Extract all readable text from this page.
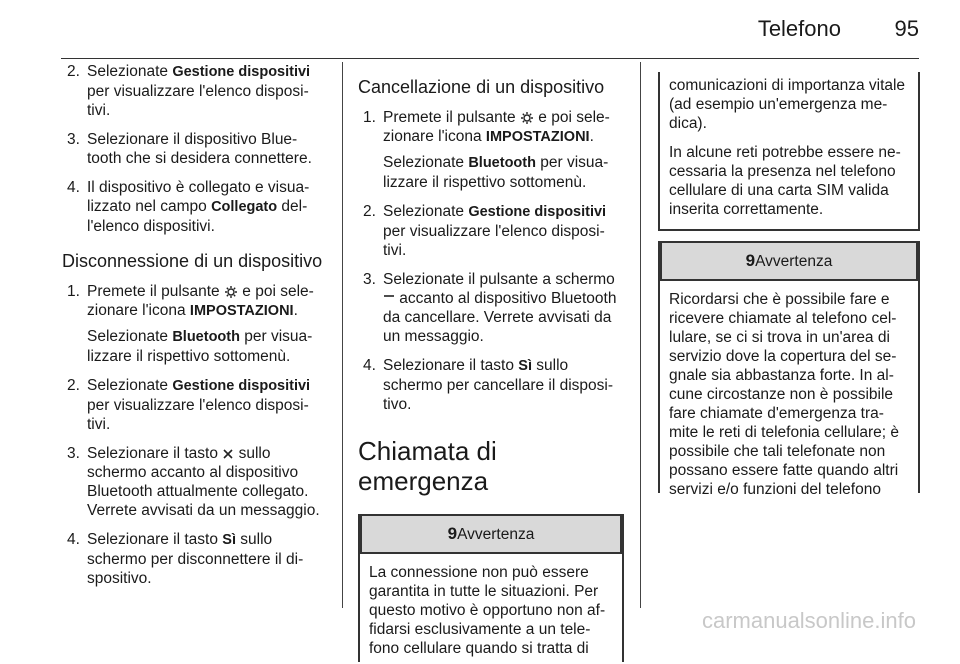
Telefono 95
2. Selezionate Gestione dispositivi per visualizzare l'elenco disposi- tivi.
3. Selezionare il dispositivo Blue- tooth che si desidera connettere.
4. Il dispositivo è collegato e visua- lizzato nel campo Collegato del- l'elenco dispositivi.
Disconnessione di un dispositivo
1. Premete il pulsante  e poi sele- zionare l'icona IMPOSTAZIONI.
Selezionate Bluetooth per visua- lizzare il rispettivo sottomenù.
2. Selezionate Gestione dispositivi per visualizzare l'elenco disposi- tivi.
3. Selezionare il tasto  sullo schermo accanto al dispositivo Bluetooth attualmente collegato. Verrete avvisati da un messaggio.
4. Selezionare il tasto Sì sullo schermo per disconnettere il di- spositivo.
Cancellazione di un dispositivo
1. Premete il pulsante  e poi sele- zionare l'icona IMPOSTAZIONI.
Selezionate Bluetooth per visua- lizzare il rispettivo sottomenù.
2. Selezionate Gestione dispositivi per visualizzare l'elenco disposi- tivi.
3. Selezionate il pulsante a schermo  accanto al dispositivo Bluetooth da cancellare. Verrete avvisati da un messaggio.
4. Selezionare il tasto Sì sullo schermo per cancellare il disposi- tivo.
Chiamata di emergenza
9Avvertenza
La connessione non può essere garantita in tutte le situazioni. Per questo motivo è opportuno non af- fidarsi esclusivamente a un tele- fono cellulare quando si tratta di

comunicazioni di importanza vitale (ad esempio un'emergenza me- dica).

In alcune reti potrebbe essere ne- cessaria la presenza nel telefono cellulare di una carta SIM valida inserita correttamente.

9Avvertenza
Ricordarsi che è possibile fare e ricevere chiamate al telefono cel- lulare, se ci si trova in un'area di servizio dove la copertura del se- gnale sia abbastanza forte. In al- cune circostanze non è possibile fare chiamate d'emergenza tra- mite le reti di telefonia cellulare; è possibile che tali telefonate non possano essere fatte quando altri servizi e/o funzioni del telefono
carmanualsonline.info
